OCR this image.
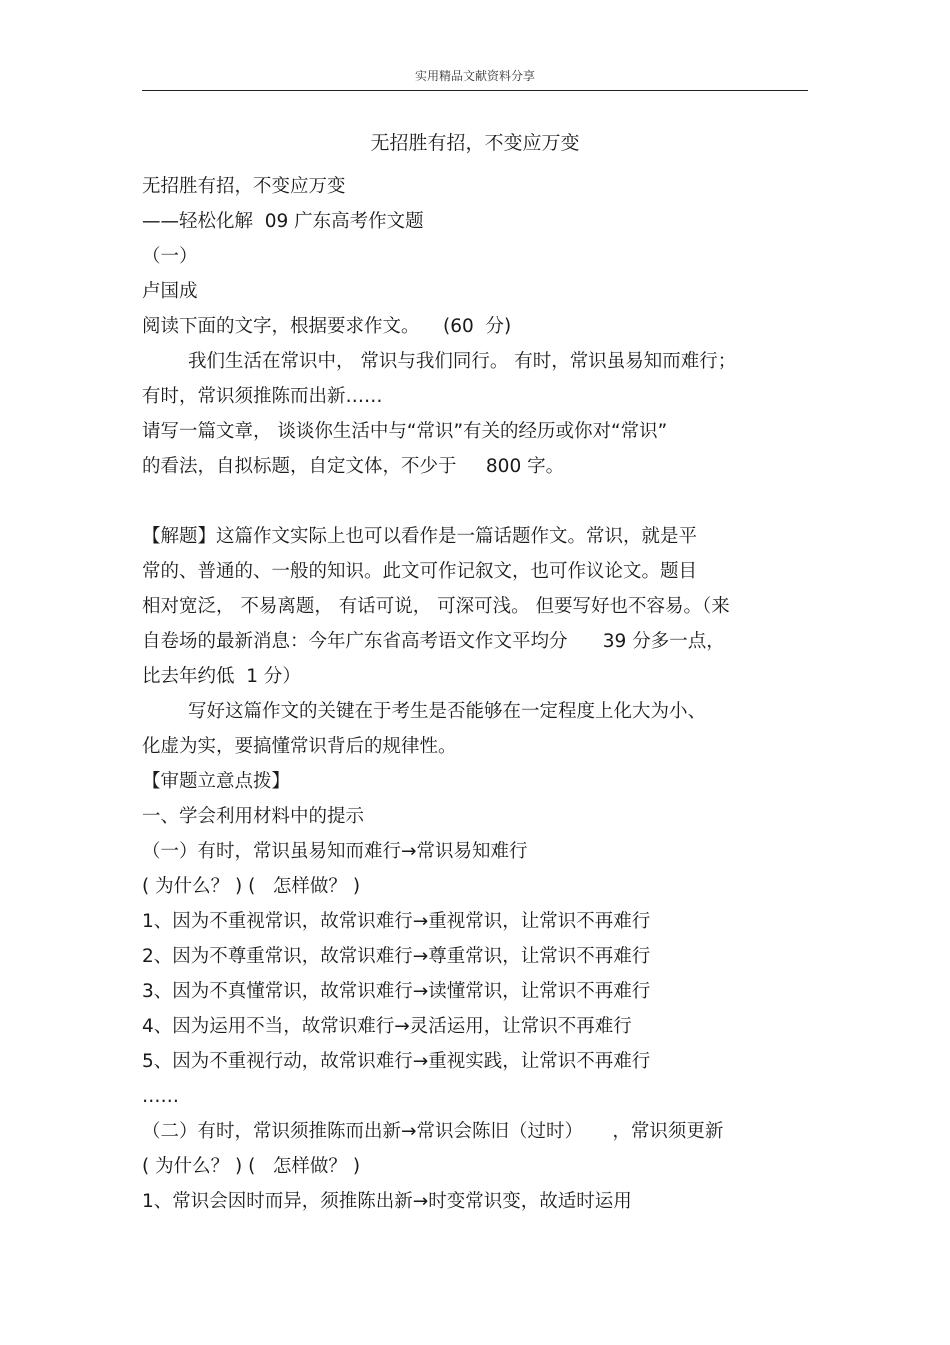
实用精品文献资料分享
无招胜有招，不变应万变
无招胜有招，不变应万变
——轻松化解  09 广东高考作文题
（一）
卢国成
阅读下面的文字，根据要求作文。    (60  分)
我们生活在常识中， 常识与我们同行。 有时，常识虽易知而难行；
有时，常识须推陈而出新……
请写一篇文章， 谈谈你生活中与“常识”有关的经历或你对“常识”
的看法，自拟标题，自定文体，不少于     800 字。
【解题】这篇作文实际上也可以看作是一篇话题作文。常识，就是平
常的、普通的、一般的知识。此文可作记叙文，也可作议论文。题目
相对宽泛， 不易离题， 有话可说， 可深可浅。 但要写好也不容易。（来
自卷场的最新消息：今年广东省高考语文作文平均分      39 分多一点，
比去年约低  1 分）
写好这篇作文的关键在于考生是否能够在一定程度上化大为小、
化虚为实，要搞懂常识背后的规律性。
【审题立意点拨】
一、学会利用材料中的提示
（一）有时，常识虽易知而难行→常识易知难行
( 为什么？ ) (   怎样做？ )
1、因为不重视常识，故常识难行→重视常识，让常识不再难行
2、因为不尊重常识，故常识难行→尊重常识，让常识不再难行
3、因为不真懂常识，故常识难行→读懂常识，让常识不再难行
4、因为运用不当，故常识难行→灵活运用，让常识不再难行
5、因为不重视行动，故常识难行→重视实践，让常识不再难行
……
（二）有时，常识须推陈而出新→常识会陈旧（过时）     ，常识须更新
( 为什么？ ) (   怎样做？ )
1、常识会因时而异，须推陈出新→时变常识变，故适时运用
